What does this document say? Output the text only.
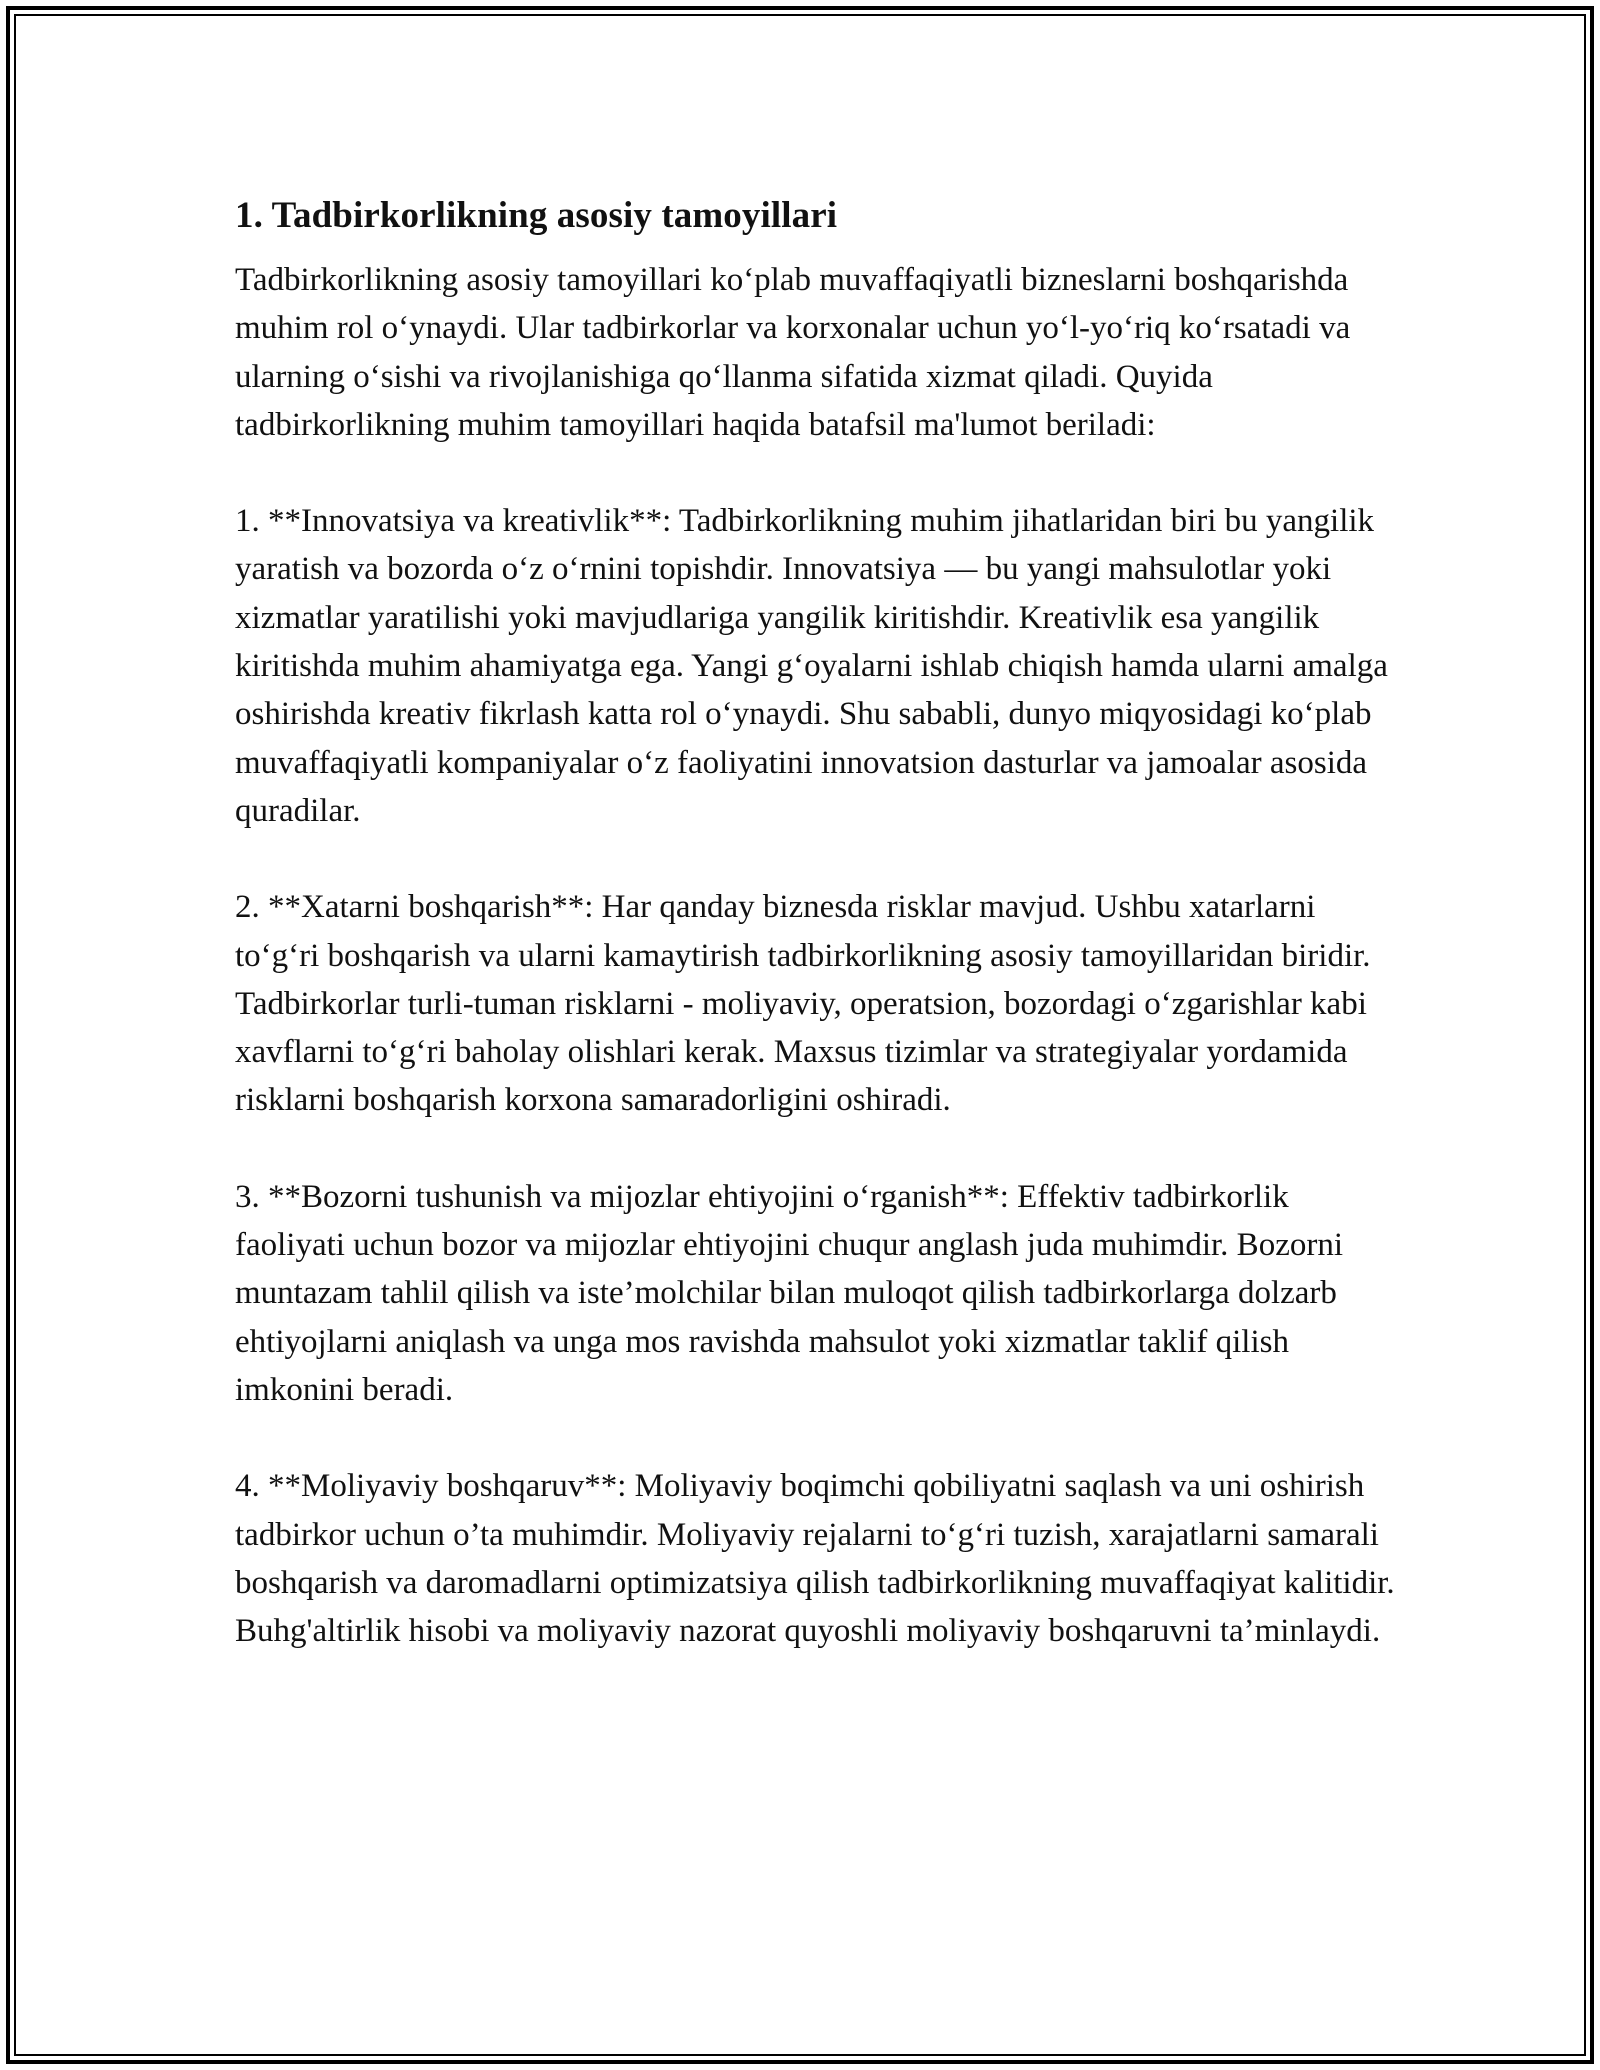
1. Tadbirkorlikning asosiy tamoyillari

Tadbirkorlikning asosiy tamoyillari ko‘plab muvaffaqiyatli bizneslarni boshqarishda muhim rol o‘ynaydi. Ular tadbirkorlar va korxonalar uchun yo‘l-yo‘riq ko‘rsatadi va ularning o‘sishi va rivojlanishiga qo‘llanma sifatida xizmat qiladi. Quyida tadbirkorlikning muhim tamoyillari haqida batafsil ma'lumot beriladi:

1. **Innovatsiya va kreativlik**: Tadbirkorlikning muhim jihatlaridan biri bu yangilik yaratish va bozorda o‘z o‘rnini topishdir. Innovatsiya — bu yangi mahsulotlar yoki xizmatlar yaratilishi yoki mavjudlariga yangilik kiritishdir. Kreativlik esa yangilik kiritishda muhim ahamiyatga ega. Yangi g‘oyalarni ishlab chiqish hamda ularni amalga oshirishda kreativ fikrlash katta rol o‘ynaydi. Shu sababli, dunyo miqyosidagi ko‘plab muvaffaqiyatli kompaniyalar o‘z faoliyatini innovatsion dasturlar va jamoalar asosida quradilar.

2. **Xatarni boshqarish**: Har qanday biznesda risklar mavjud. Ushbu xatarlarni to‘g‘ri boshqarish va ularni kamaytirish tadbirkorlikning asosiy tamoyillaridan biridir. Tadbirkorlar turli-tuman risklarni - moliyaviy, operatsion, bozordagi o‘zgarishlar kabi xavflarni to‘g‘ri baholay olishlari kerak. Maxsus tizimlar va strategiyalar yordamida risklarni boshqarish korxona samaradorligini oshiradi.

3. **Bozorni tushunish va mijozlar ehtiyojini o‘rganish**: Effektiv tadbirkorlik faoliyati uchun bozor va mijozlar ehtiyojini chuqur anglash juda muhimdir. Bozorni muntazam tahlil qilish va iste’molchilar bilan muloqot qilish tadbirkorlarga dolzarb ehtiyojlarni aniqlash va unga mos ravishda mahsulot yoki xizmatlar taklif qilish imkonini beradi.

4. **Moliyaviy boshqaruv**: Moliyaviy boqimchi qobiliyatni saqlash va uni oshirish tadbirkor uchun o’ta muhimdir. Moliyaviy rejalarni to‘g‘ri tuzish, xarajatlarni samarali boshqarish va daromadlarni optimizatsiya qilish tadbirkorlikning muvaffaqiyat kalitidir. Buhg'altirlik hisobi va moliyaviy nazorat quyoshli moliyaviy boshqaruvni ta’minlaydi.
